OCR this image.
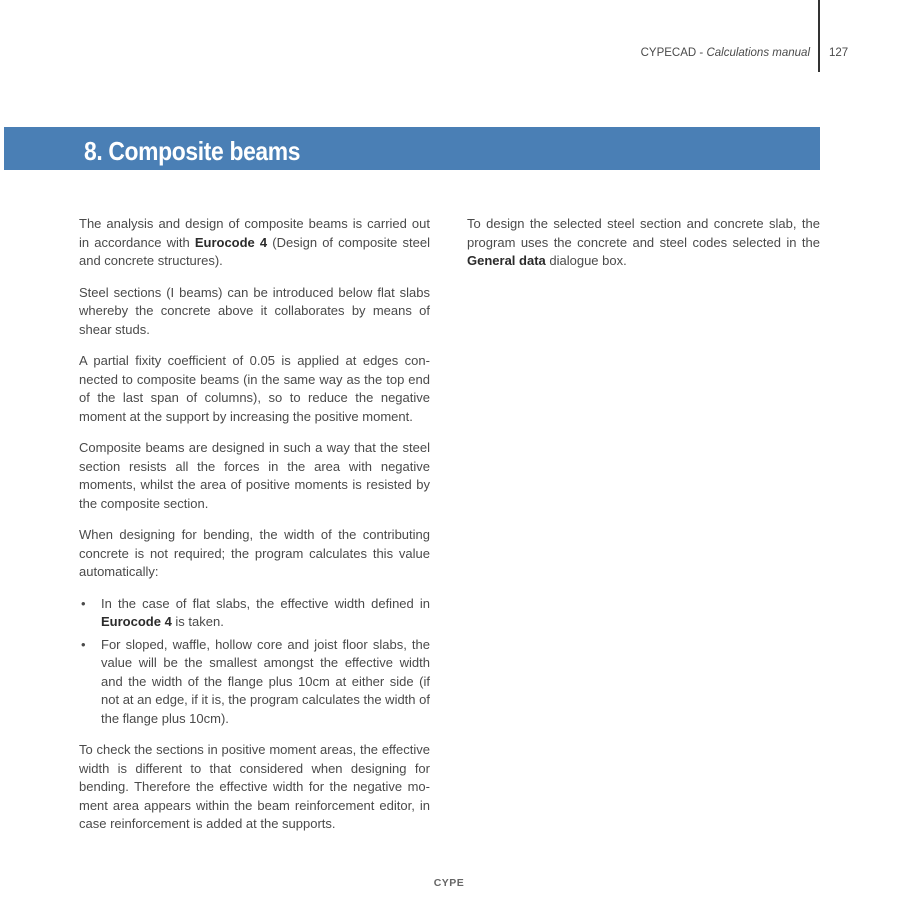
CYPECAD - Calculations manual 127
8. Composite beams

The analysis and design of composite beams is carried out in accordance with Eurocode 4 (Design of composite steel and concrete structures).

Steel sections (I beams) can be introduced below flat slabs whereby the concrete above it collaborates by means of shear studs.

A partial fixity coefficient of 0.05 is applied at edges connected to composite beams (in the same way as the top end of the last span of columns), so to reduce the negative moment at the support by increasing the positive moment.

Composite beams are designed in such a way that the steel section resists all the forces in the area with negative moments, whilst the area of positive moments is resisted by the composite section.

When designing for bending, the width of the contributing concrete is not required; the program calculates this value automatically:

• In the case of flat slabs, the effective width defined in Eurocode 4 is taken.
• For sloped, waffle, hollow core and joist floor slabs, the value will be the smallest amongst the effective width and the width of the flange plus 10cm at either side (if not at an edge, if it is, the program calculates the width of the flange plus 10cm).

To check the sections in positive moment areas, the effective width is different to that considered when designing for bending. Therefore the effective width for the negative moment area appears within the beam reinforcement editor, in case reinforcement is added at the supports.

To design the selected steel section and concrete slab, the program uses the concrete and steel codes selected in the General data dialogue box.

CYPE
